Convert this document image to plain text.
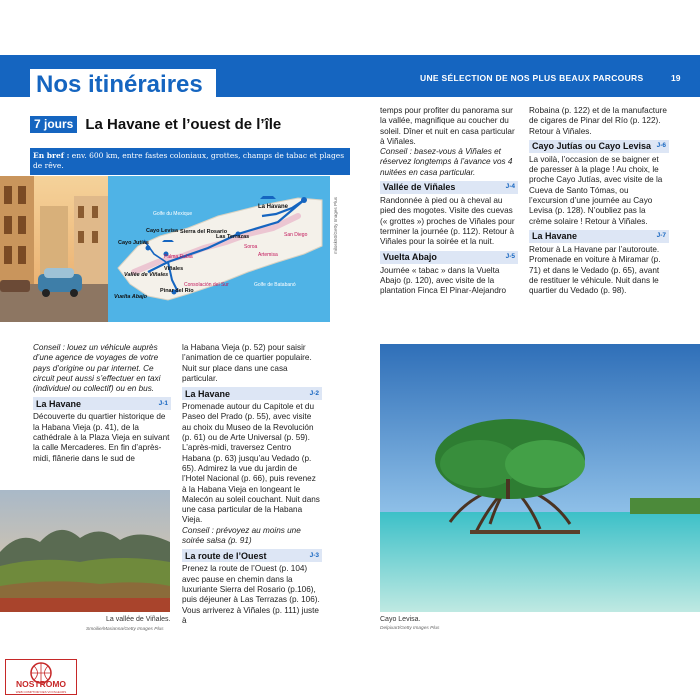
Nos itinéraires	UNE SÉLECTION DE NOS PLUS BEAUX PARCOURS	19
7 jours La Havane et l’ouest de l’île
En bref : env. 600 km, entre fastes coloniaux, grottes, champs de tabac et plages de rêve.
Golfe du Mexique
La Havane
Cayo Levisa Sierra del Rosario
Las Terrazas	San Diego
Cayo Jutías
Palma Rubia
Viñales
Soroa
Artemisa
Vallée de Viñales
Pinar del Río
Vuelta Abajo
Consolación del Sur	Golfe de Batabanó
milosk50/Getty Images Plus

Conseil : louez un véhicule auprès d’une agence de voyages de votre pays d’origine ou par internet. Ce circuit peut aussi s’effectuer en taxi (individuel ou collectif) ou en bus.

La Havane	J-1

Découverte du quartier historique de la Habana Vieja (p. 41), de la cathédrale à la Plaza Vieja en suivant la calle Mercaderes. En fin d’après-midi, flânerie dans le sud de

La vallée de Viñales.
Smoilie/Marianna/Getty Images Plus

la Habana Vieja (p. 52) pour saisir l’animation de ce quartier populaire. Nuit sur place dans une casa particular.

La Havane	J-2

Promenade autour du Capitole et du Paseo del Prado (p. 55), avec visite au choix du Museo de la Revolución (p. 61) ou de Arte Universal (p. 59). L’après-midi, traversez Centro Habana (p. 63) jusqu’au Vedado (p. 65). Admirez la vue du jardin de l’Hotel Nacional (p. 66), puis revenez à la Habana Vieja en longeant le Malecón au soleil couchant. Nuit dans une casa particular de la Habana Vieja.

Conseil : prévoyez au moins une soirée salsa (p. 91)

La route de l’Ouest	J-3

Prenez la route de l’Ouest (p. 104) avec pause en chemin dans la luxuriante Sierra del Rosario (p.106), puis déjeuner à Las Terrazas (p. 106). Vous arriverez à Viñales (p. 111) juste à

temps pour profiter du panorama sur la vallée, magnifique au coucher du soleil. Dîner et nuit en casa particular à Viñales.

Conseil : basez-vous à Viñales et réservez longtemps à l’avance vos 4 nuitées en casa particular.

Vallée de Viñales	J-4

Randonnée à pied ou à cheval au pied des mogotes. Visite des cuevas (« grottes ») proches de Viñales pour terminer la journée (p. 112). Retour à Viñales pour la soirée et la nuit.

Vuelta Abajo	J-5

Journée « tabac » dans la Vuelta Abajo (p. 120), avec visite de la plantation Finca El Pinar-Alejandro

Robaina (p. 122) et de la manufacture de cigares de Pinar del Río (p. 122). Retour à Viñales.

Cayo Jutías ou Cayo Levisa J-6

La voilà, l’occasion de se baigner et de paresser à la plage ! Au choix, le proche Cayo Jutías, avec visite de la Cueva de Santo Tómas, ou l’excursion d’une journée au Cayo Levisa (p. 128). N’oubliez pas la crème solaire ! Retour à Viñales.

La Havane	J-7

Retour à La Havane par l’autoroute. Promenade en voiture à Miramar (p. 71) et dans le Vedado (p. 65), avant de restituer le véhicule. Nuit dans le quartier du Vedado (p. 98).

Cayo Levisa.
Delpixart/Getty Images Plus
NOSTROMO
WEB COMPTOIR DES VOYAGEURS
